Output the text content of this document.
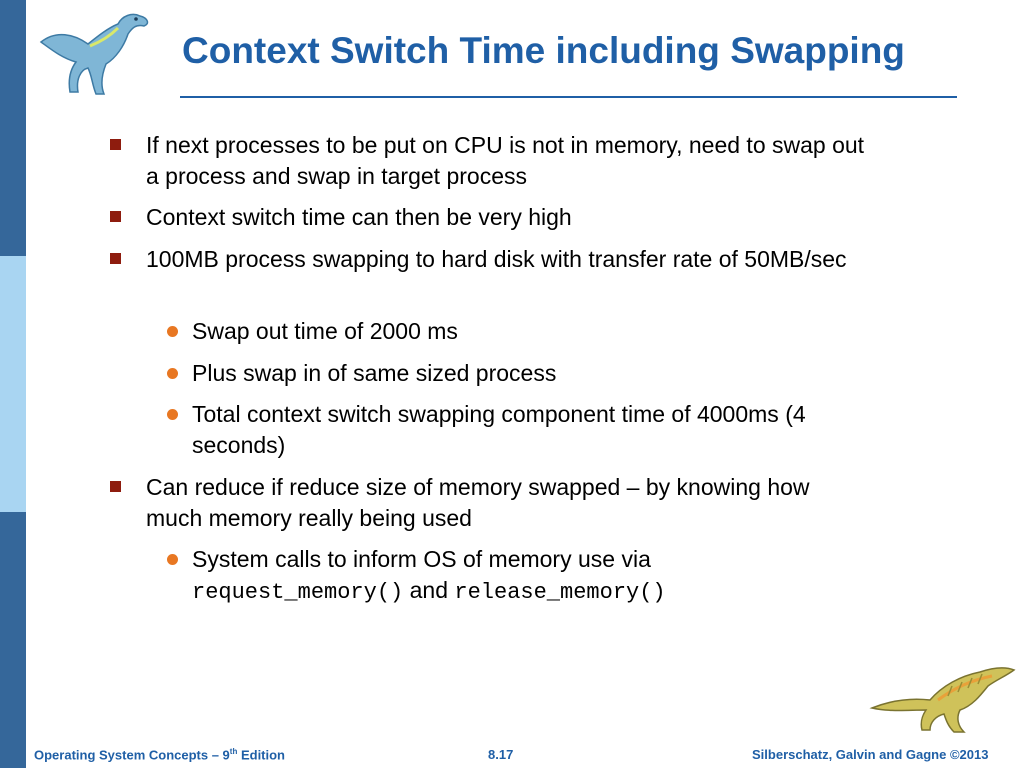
Context Switch Time including Swapping
If next processes to be put on CPU is not in memory, need to swap out a process and swap in target process
Context switch time can then be very high
100MB process swapping to hard disk with transfer rate of 50MB/sec
Swap out time of 2000 ms
Plus swap in of same sized process
Total context switch swapping component time of 4000ms (4 seconds)
Can reduce if reduce size of memory swapped – by knowing how much memory really being used
System calls to inform OS of memory use via
request_memory() and release_memory()
Operating System Concepts – 9th Edition	8.17	Silberschatz, Galvin and Gagne ©2013
